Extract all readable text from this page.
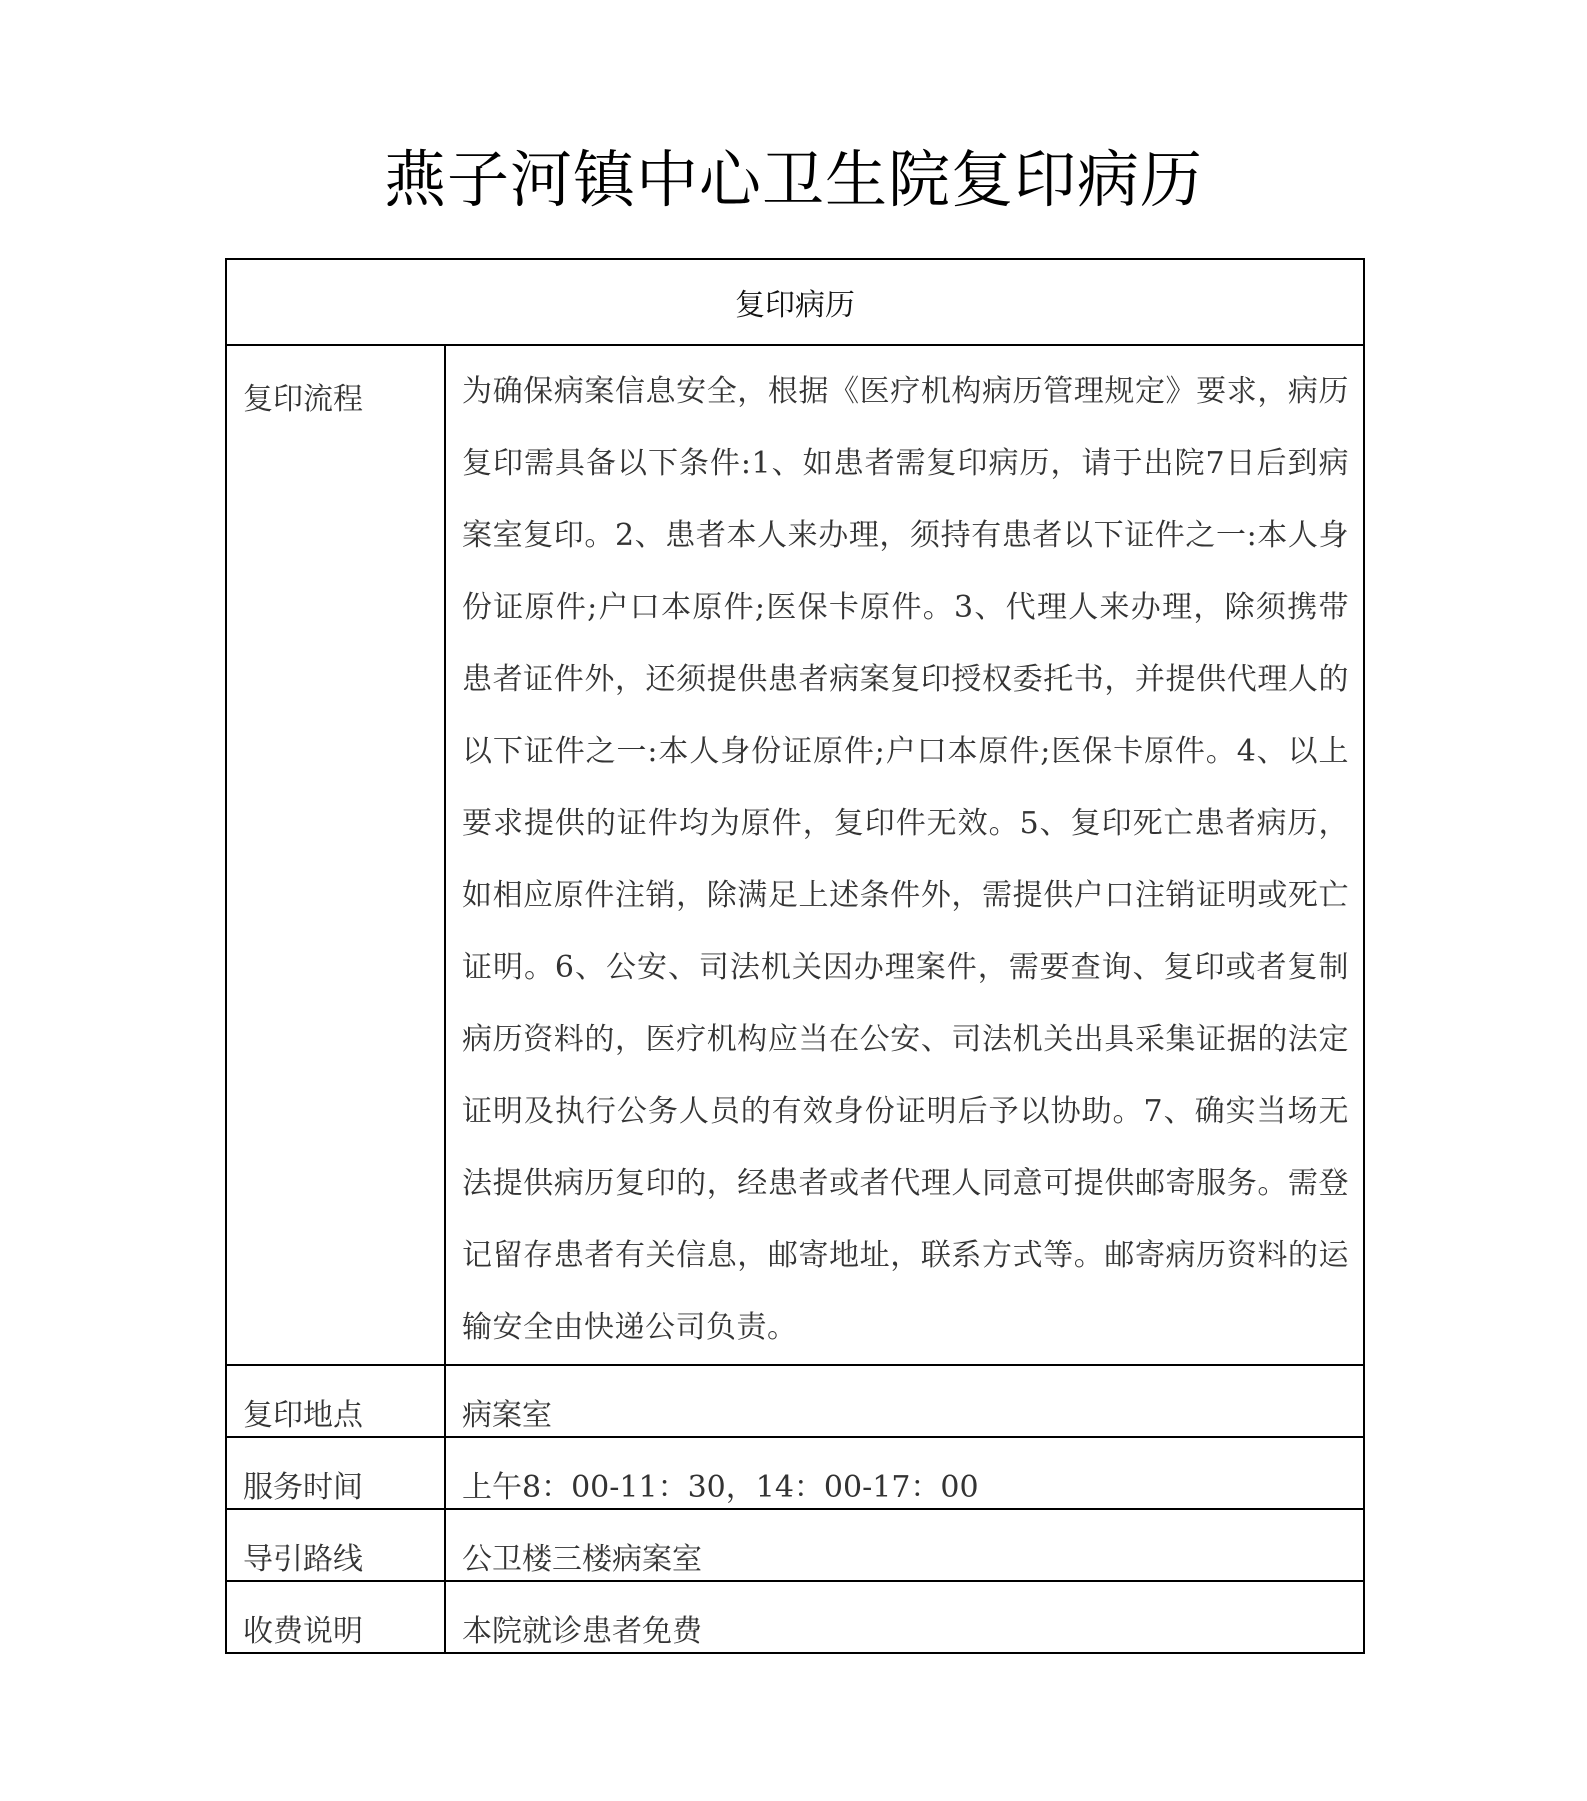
燕子河镇中心卫生院复印病历
复印病历	
复印流程	为确保病案信息安全，根据《医疗机构病历管理规定》要求，病历复印需具备以下条件:1、如患者需复印病历，请于出院7日后到病案室复印。2、患者本人来办理，须持有患者以下证件之一:本人身份证原件;户口本原件;医保卡原件。3、代理人来办理，除须携带患者证件外，还须提供患者病案复印授权委托书，并提供代理人的以下证件之一:本人身份证原件;户口本原件;医保卡原件。4、以上要求提供的证件均为原件，复印件无效。5、复印死亡患者病历，如相应原件注销，除满足上述条件外，需提供户口注销证明或死亡证明。6、公安、司法机关因办理案件，需要查询、复印或者复制病历资料的，医疗机构应当在公安、司法机关出具采集证据的法定证明及执行公务人员的有效身份证明后予以协助。7、确实当场无法提供病历复印的，经患者或者代理人同意可提供邮寄服务。需登记留存患者有关信息，邮寄地址，联系方式等。邮寄病历资料的运输安全由快递公司负责。
复印地点	病案室
服务时间	上午8：00-11：30，14：00-17：00
导引路线	公卫楼三楼病案室
收费说明	本院就诊患者免费
